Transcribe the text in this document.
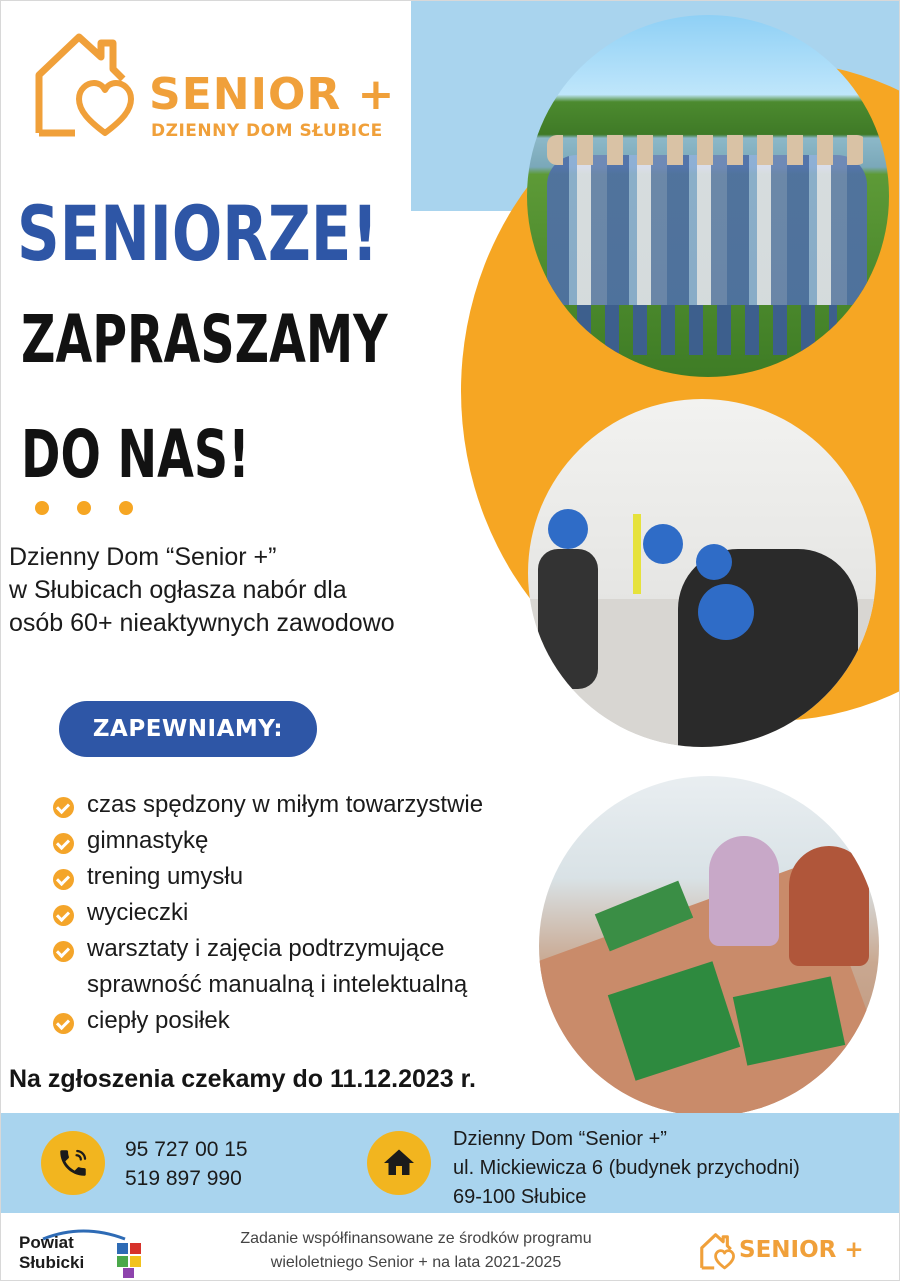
SENIOR +
DZIENNY DOM SŁUBICE
SENIORZE!
ZAPRASZAMY
DO NAS!
Dzienny Dom “Senior +”
w Słubicach ogłasza nabór dla
osób 60+ nieaktywnych zawodowo
ZAPEWNIAMY:
czas spędzony w miłym towarzystwie
gimnastykę
trening umysłu
wycieczki
warsztaty i zajęcia podtrzymujące
sprawność manualną i intelektualną
ciepły posiłek
Na zgłoszenia czekamy do 11.12.2023 r.
95 727 00 15
519 897 990
Dzienny Dom “Senior +”
ul. Mickiewicza 6 (budynek przychodni)
69-100 Słubice
Powiat
Słubicki
Zadanie współfinansowane ze środków programu
wieloletniego Senior + na lata 2021-2025	SENIOR +
